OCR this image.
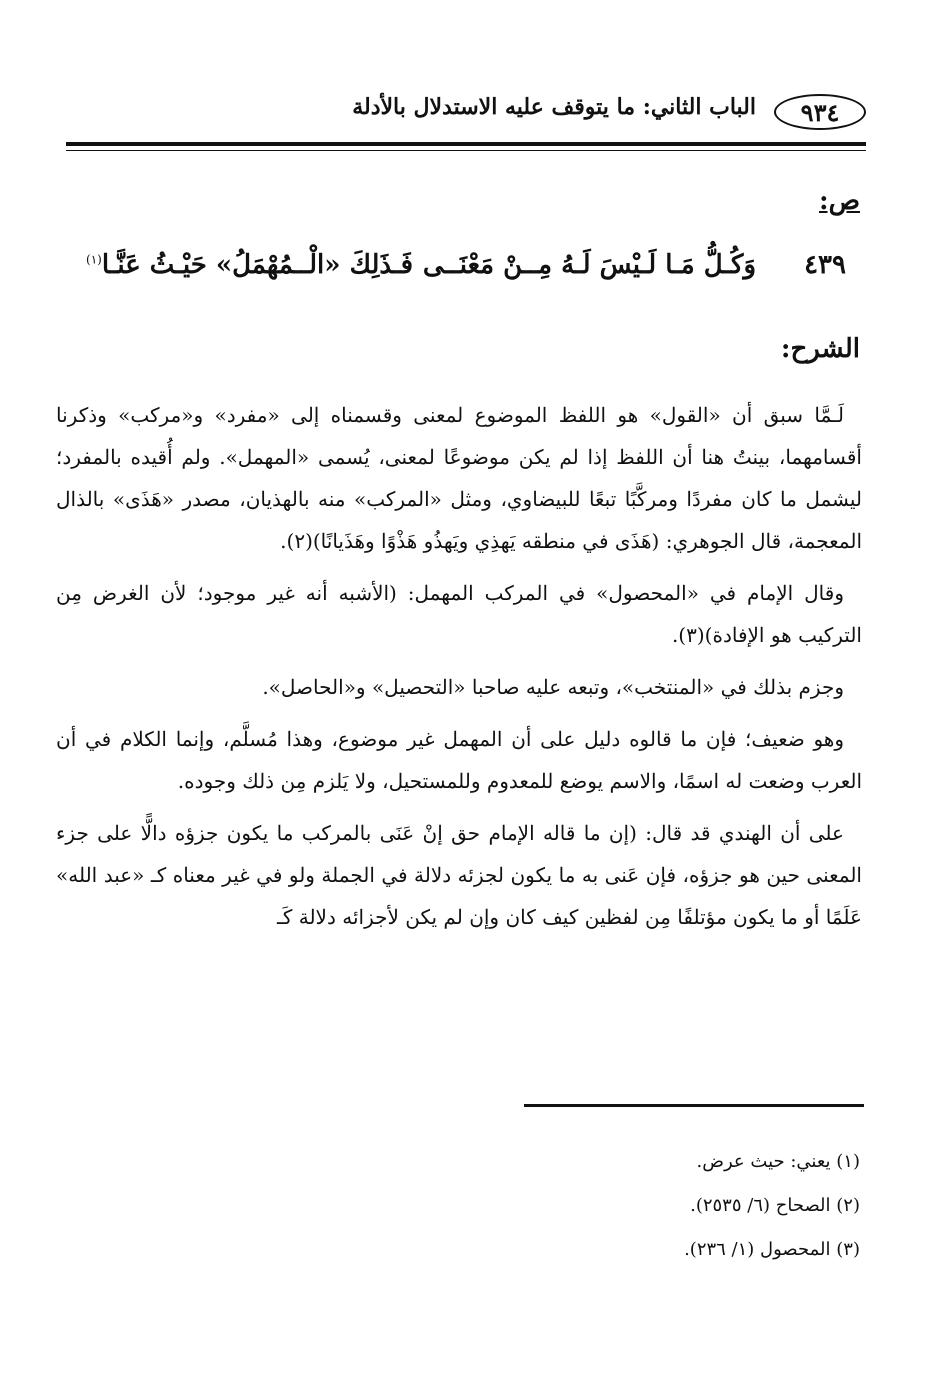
٩٣٤
الباب الثاني: ما يتوقف عليه الاستدلال بالأدلة
ص:
٤٣٩
وَكُـلُّ مَـا لَـيْسَ لَـهُ مِــنْ مَعْنَــى
فَـذَلِكَ «الْــمُهْمَلُ» حَيْـثُ عَنَّـا$^{(١)}$
الشرح:

لَـمَّا سبق أن «القول» هو اللفظ الموضوع لمعنى وقسمناه إلى «مفرد» و«مركب» وذكرنا أقسامهما، بينتُ هنا أن اللفظ إذا لم يكن موضوعًا لمعنى، يُسمى «المهمل». ولم أُقيده بالمفرد؛ ليشمل ما كان مفردًا ومركَّبًا تبعًا للبيضاوي، ومثل «المركب» منه بالهذيان، مصدر «هَذَى» بالذال المعجمة، قال الجوهري: (هَذَى في منطقه يَهذِي ويَهذُو هَذْوًا وهَذَيانًا)(٢).

وقال الإمام في «المحصول» في المركب المهمل: (الأشبه أنه غير موجود؛ لأن الغرض مِن التركيب هو الإفادة)(٣).

وجزم بذلك في «المنتخب»، وتبعه عليه صاحبا «التحصيل» و«الحاصل».

وهو ضعيف؛ فإن ما قالوه دليل على أن المهمل غير موضوع، وهذا مُسلَّم، وإنما الكلام في أن العرب وضعت له اسمًا، والاسم يوضع للمعدوم وللمستحيل، ولا يَلزم مِن ذلك وجوده.

على أن الهندي قد قال: (إن ما قاله الإمام حق إنْ عَنَى بالمركب ما يكون جزؤه دالًّا على جزء المعنى حين هو جزؤه، فإن عَنى به ما يكون لجزئه دلالة في الجملة ولو في غير معناه كـ «عبد الله» عَلَمًا أو ما يكون مؤتلفًا مِن لفظين كيف كان وإن لم يكن لأجزائه دلالة كَـ

(١) يعني: حيث عرض.
(٢) الصحاح (٦/ ٢٥٣٥).
(٣) المحصول (١/ ٢٣٦).
